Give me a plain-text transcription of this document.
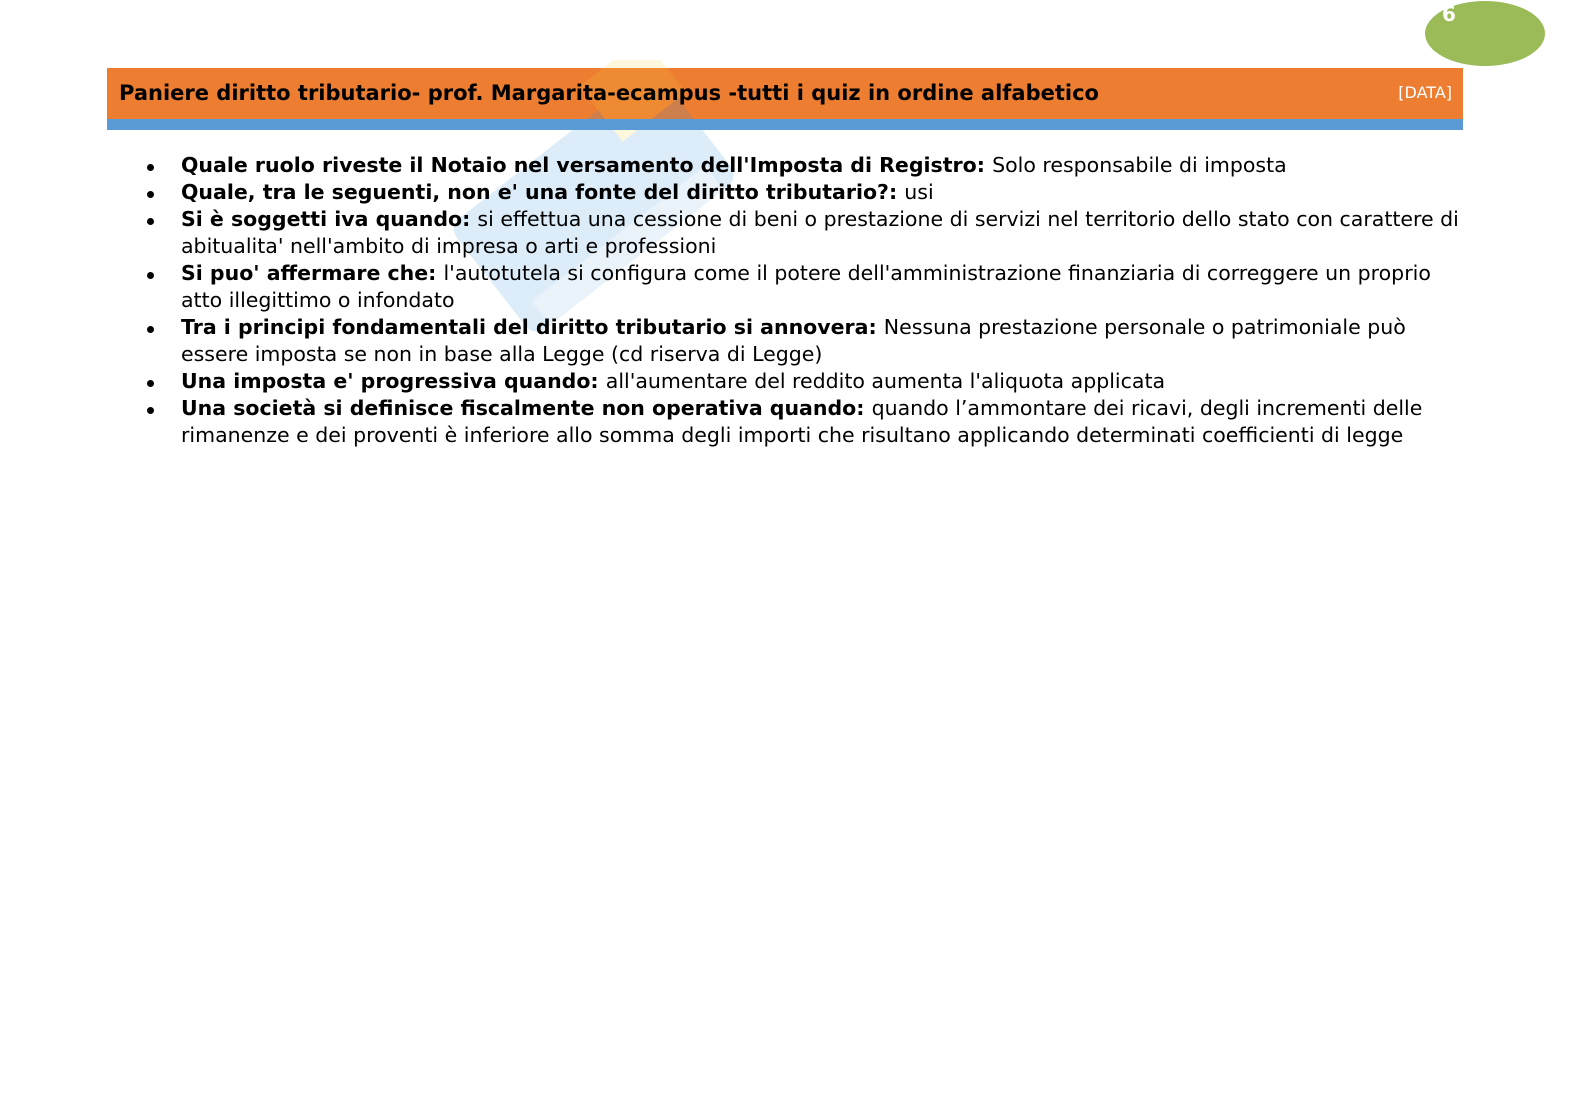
6
Paniere diritto tributario- prof. Margarita-ecampus -tutti i quiz in ordine alfabetico	[DATA]
Quale ruolo riveste il Notaio nel versamento dell'Imposta di Registro: Solo responsabile di imposta
Quale, tra le seguenti, non e' una fonte del diritto tributario?: usi
Si è soggetti iva quando: si effettua una cessione di beni o prestazione di servizi nel territorio dello stato con carattere di abitualita' nell'ambito di impresa o arti e professioni
Si puo' affermare che: l'autotutela si configura come il potere dell'amministrazione finanziaria di correggere un proprio atto illegittimo o infondato
Tra i principi fondamentali del diritto tributario si annovera: Nessuna prestazione personale o patrimoniale può essere imposta se non in base alla Legge (cd riserva di Legge)
Una imposta e' progressiva quando: all'aumentare del reddito aumenta l'aliquota applicata
Una società si definisce fiscalmente non operativa quando: quando l’ammontare dei ricavi, degli incrementi delle rimanenze e dei proventi è inferiore allo somma degli importi che risultano applicando determinati coefficienti di legge
